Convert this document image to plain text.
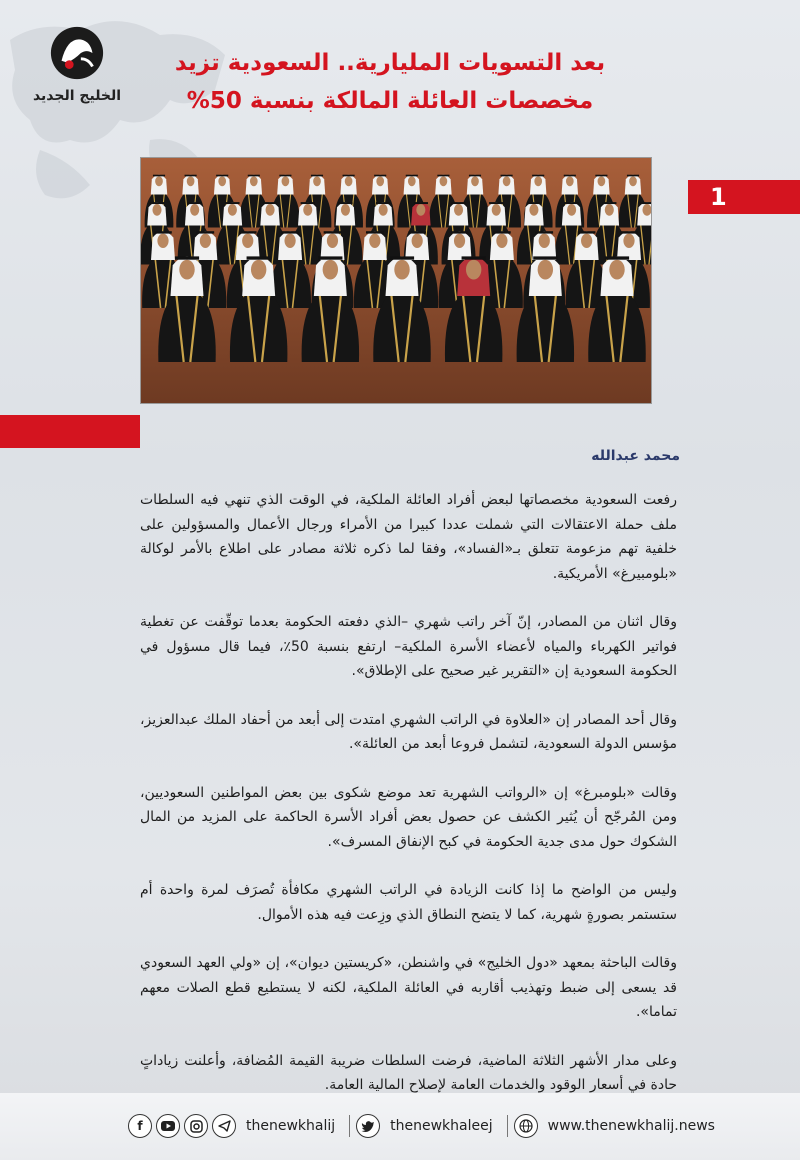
الخليج الجديد
بعد التسويات المليارية.. السعودية تزيد
مخصصات العائلة المالكة بنسبة 50%
1
محمد عبدالله

رفعت السعودية مخصصاتها لبعض أفراد العائلة الملكية، في الوقت الذي تنهي فيه السلطات ملف حملة الاعتقالات التي شملت عددا كبيرا من الأمراء ورجال الأعمال والمسؤولين على خلفية تهم مزعومة تتعلق بـ«الفساد»، وفقا لما ذكره ثلاثة مصادر على اطلاع بالأمر لوكالة «بلومبيرغ» الأمريكية.

وقال اثنان من المصادر، إنّ آخر راتب شهري –الذي دفعته الحكومة بعدما توقّفت عن تغطية فواتير الكهرباء والمياه لأعضاء الأسرة الملكية– ارتفع بنسبة 50٪، فيما قال مسؤول في الحكومة السعودية إن «التقرير غير صحيح على الإطلاق».

وقال أحد المصادر إن «العلاوة في الراتب الشهري امتدت إلى أبعد من أحفاد الملك عبدالعزيز، مؤسس الدولة السعودية، لتشمل فروعا أبعد من العائلة».

وقالت «بلومبرغ» إن «الرواتب الشهرية تعد موضع شكوى بين بعض المواطنين السعوديين، ومن المُرجّح أن يُثير الكشف عن حصول بعض أفراد الأسرة الحاكمة على المزيد من المال الشكوك حول مدى جدية الحكومة في كبح الإنفاق المسرف».

وليس من الواضح ما إذا كانت الزيادة في الراتب الشهري مكافأة تُصرَف لمرة واحدة أم ستستمر بصورةٍ شهرية، كما لا يتضح النطاق الذي وزِعت فيه هذه الأموال.

وقالت الباحثة بمعهد «دول الخليج» في واشنطن، «كريستين ديوان»، إن «ولي العهد السعودي قد يسعى إلى ضبط وتهذيب أقاربه في العائلة الملكية، لكنه لا يستطيع قطع الصلات معهم تماما».

وعلى مدار الأشهر الثلاثة الماضية، فرضت السلطات ضريبة القيمة المُضافة، وأعلنت زياداتٍ حادة في أسعار الوقود والخدمات العامة لإصلاح المالية العامة.

f	thenewkhalij	thenewkhaleej	www.thenewkhalij.news
